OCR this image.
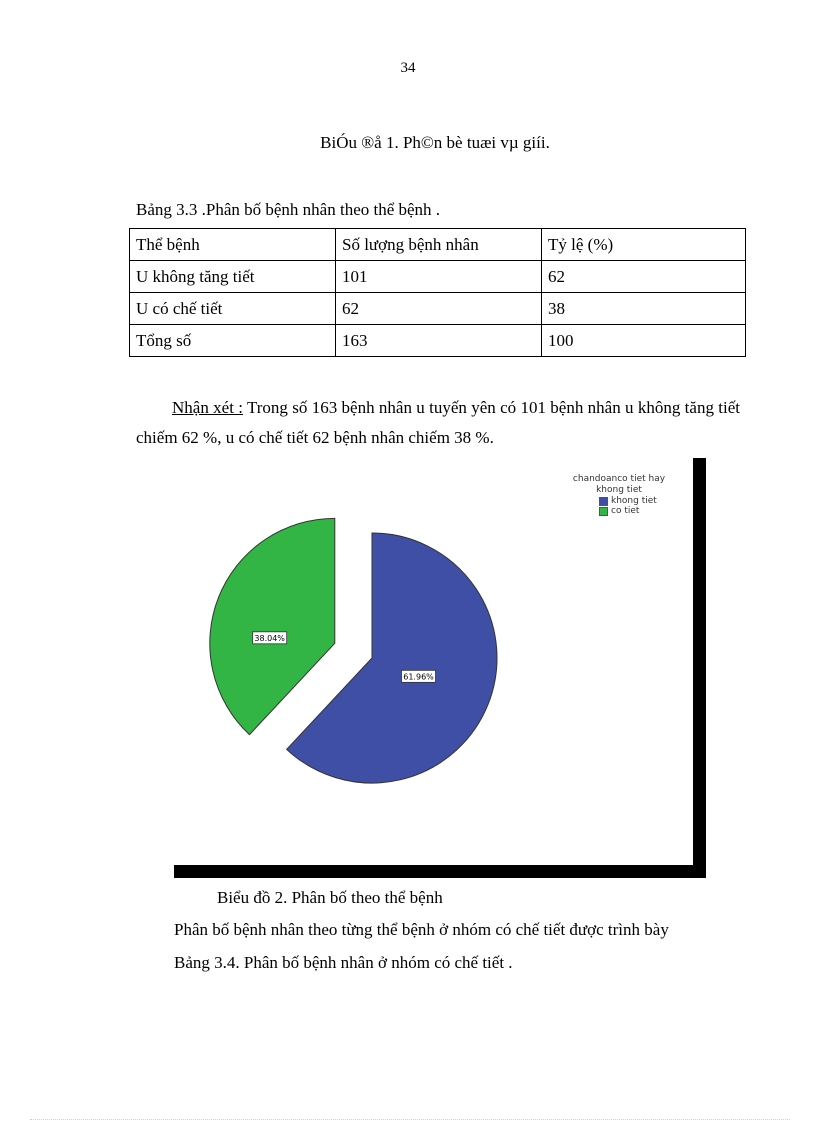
34
BiÓu ®å 1. Ph©n bè tuæi vµ giíi.
Bảng 3.3 .Phân bố bệnh nhân theo thể bệnh .
Thể bệnh	Số lượng bệnh nhân	Tỷ lệ (%)
U không tăng tiết	101	62
U có chế tiết	62	38
Tổng số	163	100
Nhận xét : Trong số 163 bệnh nhân u tuyến yên có 101 bệnh nhân u không tăng tiết chiếm 62 %, u có chế tiết 62 bệnh nhân chiếm 38 %.
61.96%
38.04%
chandoanco tiet hay
khong tiet
khong tiet
co tiet
Biểu đồ 2. Phân bố theo thể bệnh
Phân bố bệnh nhân theo từng thể bệnh ở nhóm có chế tiết được trình bày
Bảng 3.4. Phân bố bệnh nhân ở nhóm có chế tiết .
